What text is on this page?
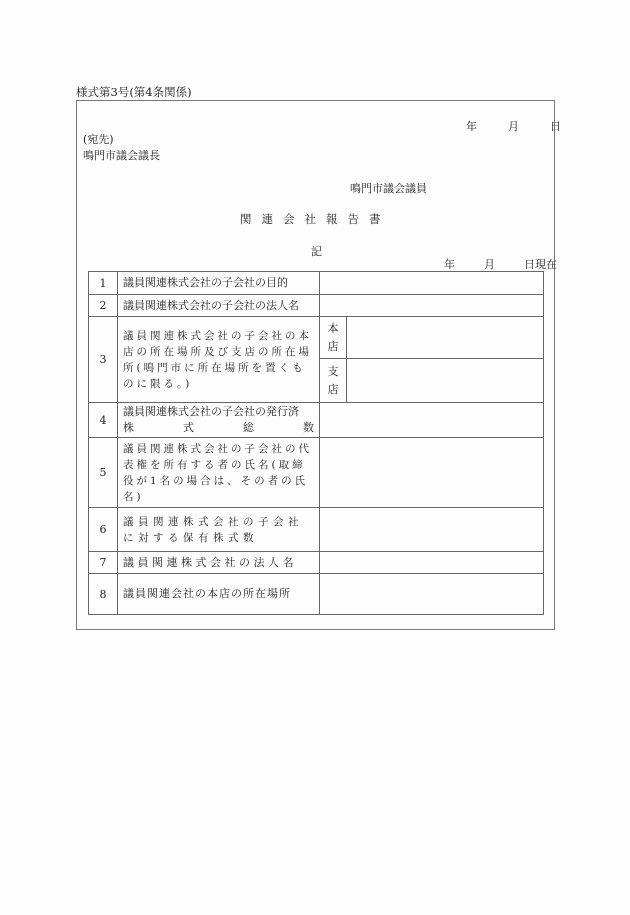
様式第3号(第4条関係)
年	月	日
(宛先)
鳴門市議会議長
鳴門市議会議員
関連会社報告書
記
年	月	日現在
1	議員関連株式会社の子会社の目的		
2	議員関連株式会社の子会社の法人名		
3	議員関連株式会社の子会社の本店の所在場所及び支店の所在場所(鳴門市に所在場所を置くものに限る。)	本
店	

		支
店	

4	議員関連株式会社の子会社の発行済
株式総数		

5	議員関連株式会社の子会社の代表権を所有する者の氏名(取締役が1名の場合は、その者の氏名)		
6	議員関連株式会社の子会社に対する保有株式数		
7	議員関連株式会社の法人名		
8	議員関連会社の本店の所在場所		
